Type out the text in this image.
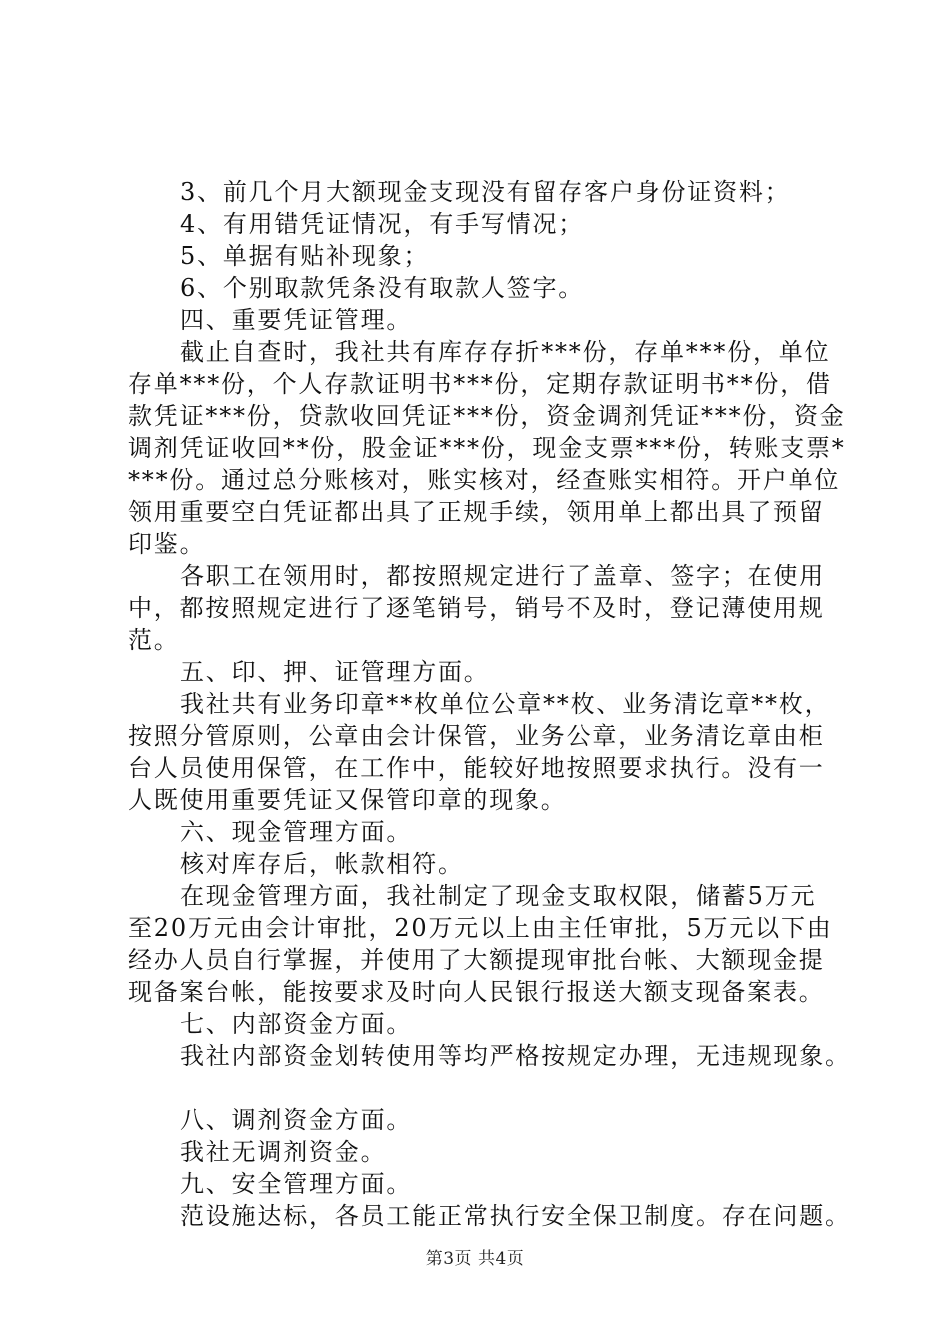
3、前几个月大额现金支现没有留存客户身份证资料；
4、有用错凭证情况，有手写情况；
5、单据有贴补现象；
6、个别取款凭条没有取款人签字。
四、重要凭证管理。
截止自查时，我社共有库存存折***份，存单***份，单位
存单***份，个人存款证明书***份，定期存款证明书**份，借
款凭证***份，贷款收回凭证***份，资金调剂凭证***份，资金
调剂凭证收回**份，股金证***份，现金支票***份，转账支票*
***份。通过总分账核对，账实核对，经查账实相符。开户单位
领用重要空白凭证都出具了正规手续，领用单上都出具了预留
印鉴。
各职工在领用时，都按照规定进行了盖章、签字；在使用
中，都按照规定进行了逐笔销号，销号不及时，登记薄使用规
范。
五、印、押、证管理方面。
我社共有业务印章**枚单位公章**枚、业务清讫章**枚，
按照分管原则，公章由会计保管，业务公章，业务清讫章由柜
台人员使用保管，在工作中，能较好地按照要求执行。没有一
人既使用重要凭证又保管印章的现象。
六、现金管理方面。
核对库存后，帐款相符。
在现金管理方面，我社制定了现金支取权限，储蓄5万元
至20万元由会计审批，20万元以上由主任审批，5万元以下由
经办人员自行掌握，并使用了大额提现审批台帐、大额现金提
现备案台帐，能按要求及时向人民银行报送大额支现备案表。
七、内部资金方面。
我社内部资金划转使用等均严格按规定办理，无违规现象。
八、调剂资金方面。
我社无调剂资金。
九、安全管理方面。
范设施达标，各员工能正常执行安全保卫制度。存在问题。
第3页 共4页
